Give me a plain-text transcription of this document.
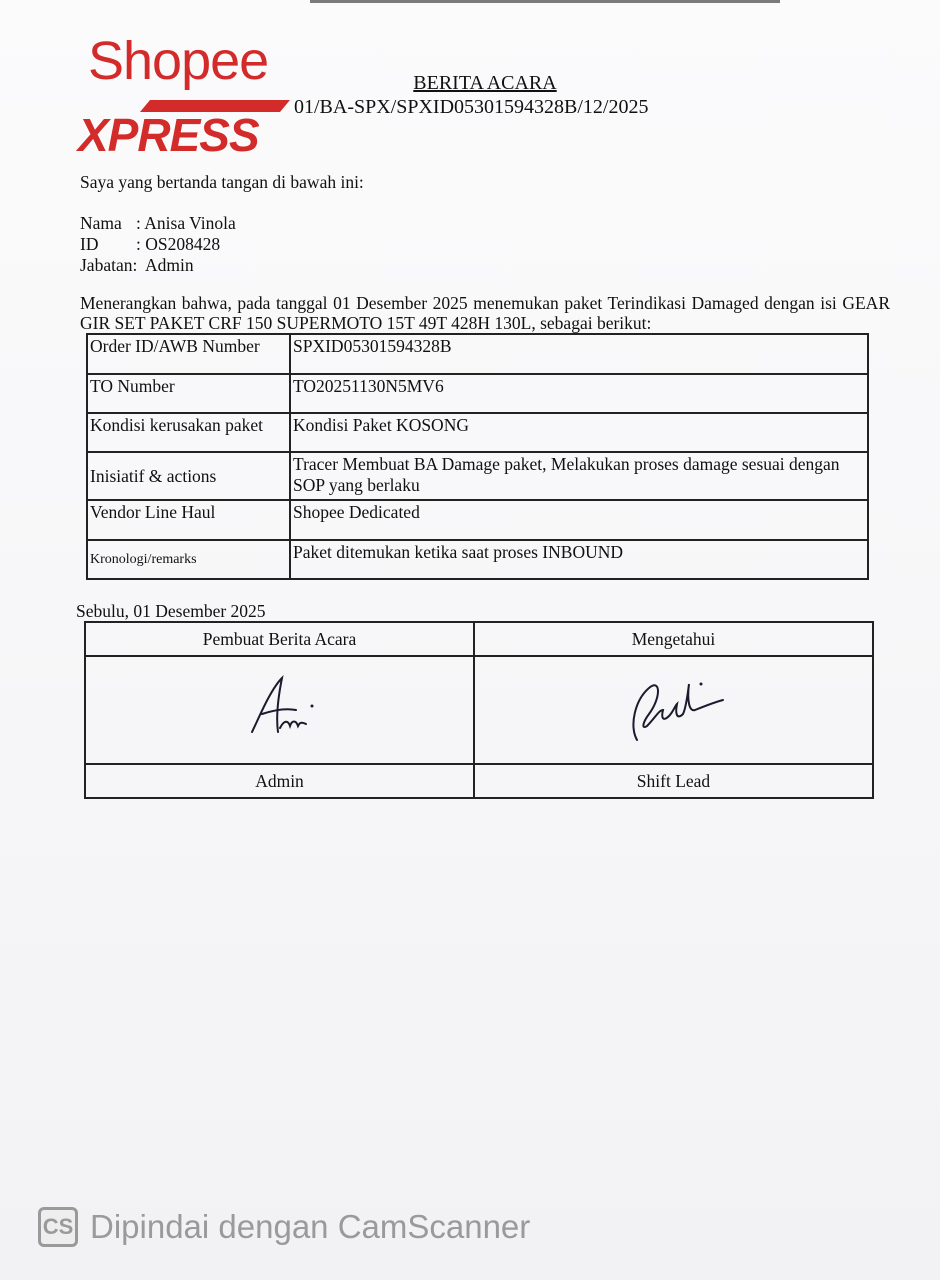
Shopee
XPRESS
BERITA ACARA
01/BA-SPX/SPXID05301594328B/12/2025
Saya yang bertanda tangan di bawah ini:
Nama : Anisa Vinola
ID : OS208428
Jabatan: Admin
Menerangkan bahwa, pada tanggal 01 Desember 2025 menemukan paket Terindikasi Damaged dengan isi GEAR GIR SET PAKET CRF 150 SUPERMOTO 15T 49T 428H 130L, sebagai berikut:
Order ID/AWB Number	SPXID05301594328B
TO Number	TO20251130N5MV6
Kondisi kerusakan paket	Kondisi Paket KOSONG
Inisiatif & actions	Tracer Membuat BA Damage paket, Melakukan proses damage sesuai dengan SOP yang berlaku
Vendor Line Haul	Shopee Dedicated
Kronologi/remarks	Paket ditemukan ketika saat proses INBOUND
Sebulu, 01 Desember 2025
Pembuat Berita Acara	Mengetahui

Admin	Shift Lead
CS Dipindai dengan CamScanner
